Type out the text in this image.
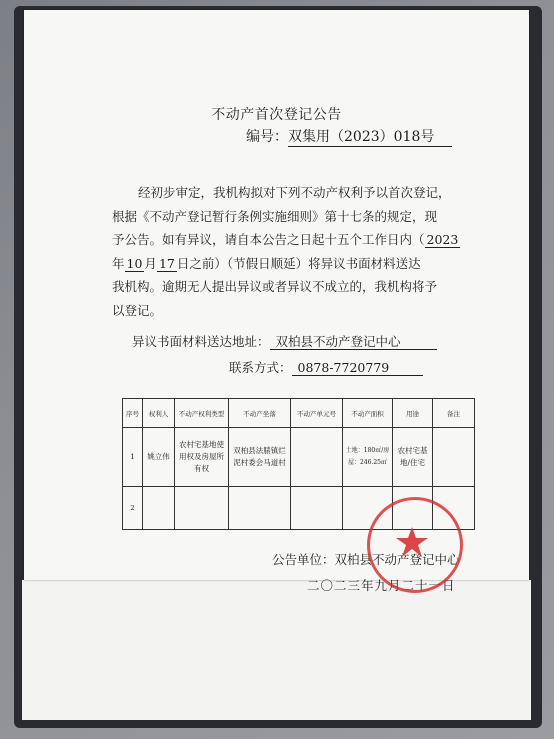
不动产首次登记公告
编号：双集用（2023）018号
经初步审定，我机构拟对下列不动产权利予以首次登记，
根据《不动产登记暂行条例实施细则》第十七条的规定，现
予公告。如有异议，请自本公告之日起十五个工作日内（ 2023
年 10 月 17 日之前）（节假日顺延）将异议书面材料送达
我机构。逾期无人提出异议或者异议不成立的，我机构将予
以登记。
异议书面材料送达地址： 双柏县不动产登记中心
联系方式： 0878-7720779
序号	权利人	不动产权利类型	不动产坐落	不动产单元号	不动产面积	用途	备注
1	姚立伟	农村宅基地使用权及房屋所有权	双柏县法脿镇烂泥村委会马道村		土地：180㎡/房屋：246.25㎡	农村宅基地/住宅	
2							
公告单位：双柏县不动产登记中心
二〇二三年九月二十一日
